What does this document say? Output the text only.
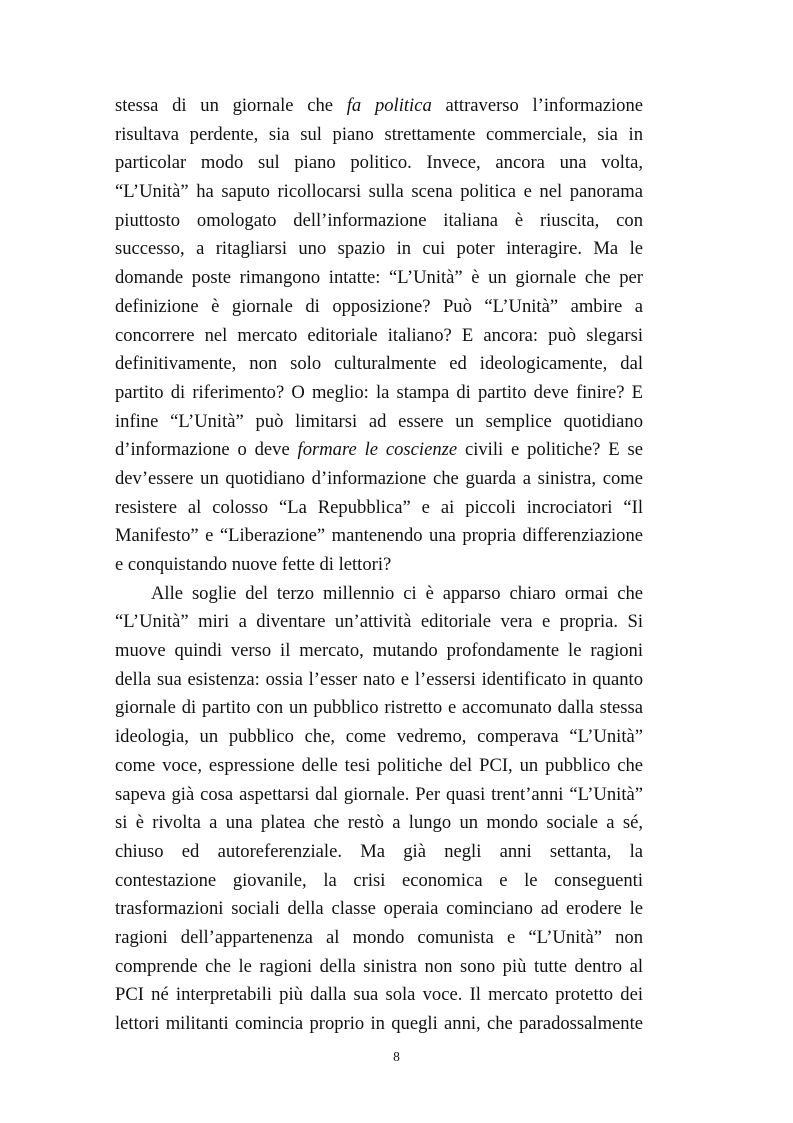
stessa di un giornale che fa politica attraverso l’informazione
risultava perdente, sia sul piano strettamente commerciale, sia in
particolar modo sul piano politico. Invece, ancora una volta,
“L’Unità” ha saputo ricollocarsi sulla scena politica e nel panorama
piuttosto omologato dell’informazione italiana è riuscita, con
successo, a ritagliarsi uno spazio in cui poter interagire. Ma le
domande poste rimangono intatte: “L’Unità” è un giornale che per
definizione è giornale di opposizione? Può “L’Unità” ambire a
concorrere nel mercato editoriale italiano? E ancora: può slegarsi
definitivamente, non solo culturalmente ed ideologicamente, dal
partito di riferimento? O meglio: la stampa di partito deve finire? E
infine “L’Unità” può limitarsi ad essere un semplice quotidiano
d’informazione o deve formare le coscienze civili e politiche? E se
dev’essere un quotidiano d’informazione che guarda a sinistra, come
resistere al colosso “La Repubblica” e ai piccoli incrociatori “Il
Manifesto” e “Liberazione” mantenendo una propria differenziazione
e conquistando nuove fette di lettori?
Alle soglie del terzo millennio ci è apparso chiaro ormai che
“L’Unità” miri a diventare un’attività editoriale vera e propria. Si
muove quindi verso il mercato, mutando profondamente le ragioni
della sua esistenza: ossia l’esser nato e l’essersi identificato in quanto
giornale di partito con un pubblico ristretto e accomunato dalla stessa
ideologia, un pubblico che, come vedremo, comperava “L’Unità”
come voce, espressione delle tesi politiche del PCI, un pubblico che
sapeva già cosa aspettarsi dal giornale. Per quasi trent’anni “L’Unità”
si è rivolta a una platea che restò a lungo un mondo sociale a sé,
chiuso ed autoreferenziale. Ma già negli anni settanta, la
contestazione giovanile, la crisi economica e le conseguenti
trasformazioni sociali della classe operaia cominciano ad erodere le
ragioni dell’appartenenza al mondo comunista e “L’Unità” non
comprende che le ragioni della sinistra non sono più tutte dentro al
PCI né interpretabili più dalla sua sola voce. Il mercato protetto dei
lettori militanti comincia proprio in quegli anni, che paradossalmente
8
